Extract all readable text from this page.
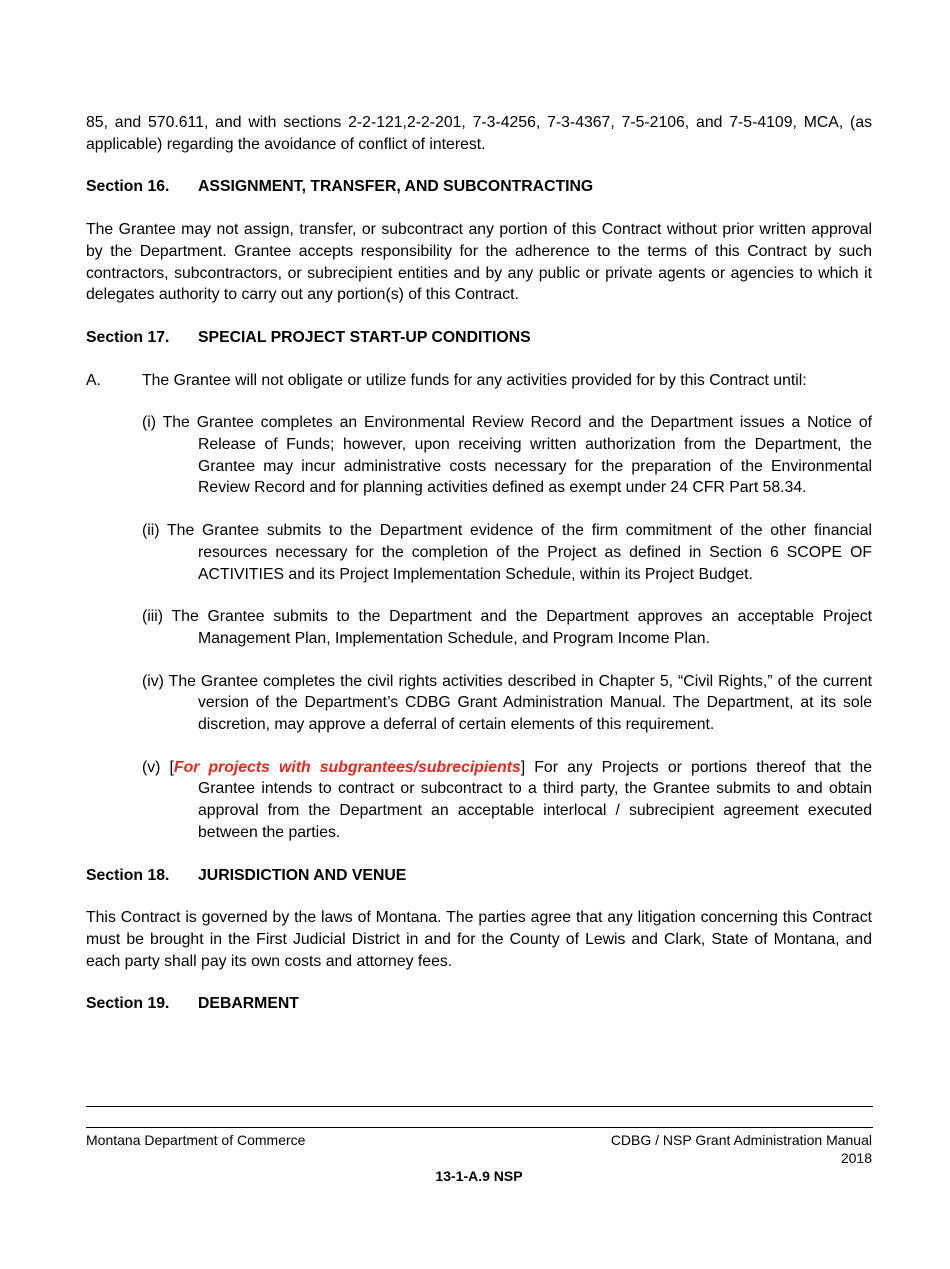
85, and 570.611, and with sections 2-2-121,2-2-201, 7-3-4256, 7-3-4367, 7-5-2106, and 7-5-4109, MCA, (as applicable) regarding the avoidance of conflict of interest.

Section 16.	ASSIGNMENT, TRANSFER, AND SUBCONTRACTING

The Grantee may not assign, transfer, or subcontract any portion of this Contract without prior written approval by the Department. Grantee accepts responsibility for the adherence to the terms of this Contract by such contractors, subcontractors, or subrecipient entities and by any public or private agents or agencies to which it delegates authority to carry out any portion(s) of this Contract.

Section 17.	SPECIAL PROJECT START-UP CONDITIONS
A.	The Grantee will not obligate or utilize funds for any activities provided for by this Contract until:

(i) The Grantee completes an Environmental Review Record and the Department issues a Notice of Release of Funds; however, upon receiving written authorization from the Department, the Grantee may incur administrative costs necessary for the preparation of the Environmental Review Record and for planning activities defined as exempt under 24 CFR Part 58.34.

(ii) The Grantee submits to the Department evidence of the firm commitment of the other financial resources necessary for the completion of the Project as defined in Section 6 SCOPE OF ACTIVITIES and its Project Implementation Schedule, within its Project Budget.

(iii) The Grantee submits to the Department and the Department approves an acceptable Project Management Plan, Implementation Schedule, and Program Income Plan.

(iv) The Grantee completes the civil rights activities described in Chapter 5, “Civil Rights,” of the current version of the Department’s CDBG Grant Administration Manual. The Department, at its sole discretion, may approve a deferral of certain elements of this requirement.

(v) [For projects with subgrantees/subrecipients] For any Projects or portions thereof that the Grantee intends to contract or subcontract to a third party, the Grantee submits to and obtain approval from the Department an acceptable interlocal / subrecipient agreement executed between the parties.

Section 18.	JURISDICTION AND VENUE

This Contract is governed by the laws of Montana. The parties agree that any litigation concerning this Contract must be brought in the First Judicial District in and for the County of Lewis and Clark, State of Montana, and each party shall pay its own costs and attorney fees.

Section 19.	DEBARMENT
Montana Department of Commerce	CDBG / NSP Grant Administration Manual
2018
13-1-A.9 NSP
